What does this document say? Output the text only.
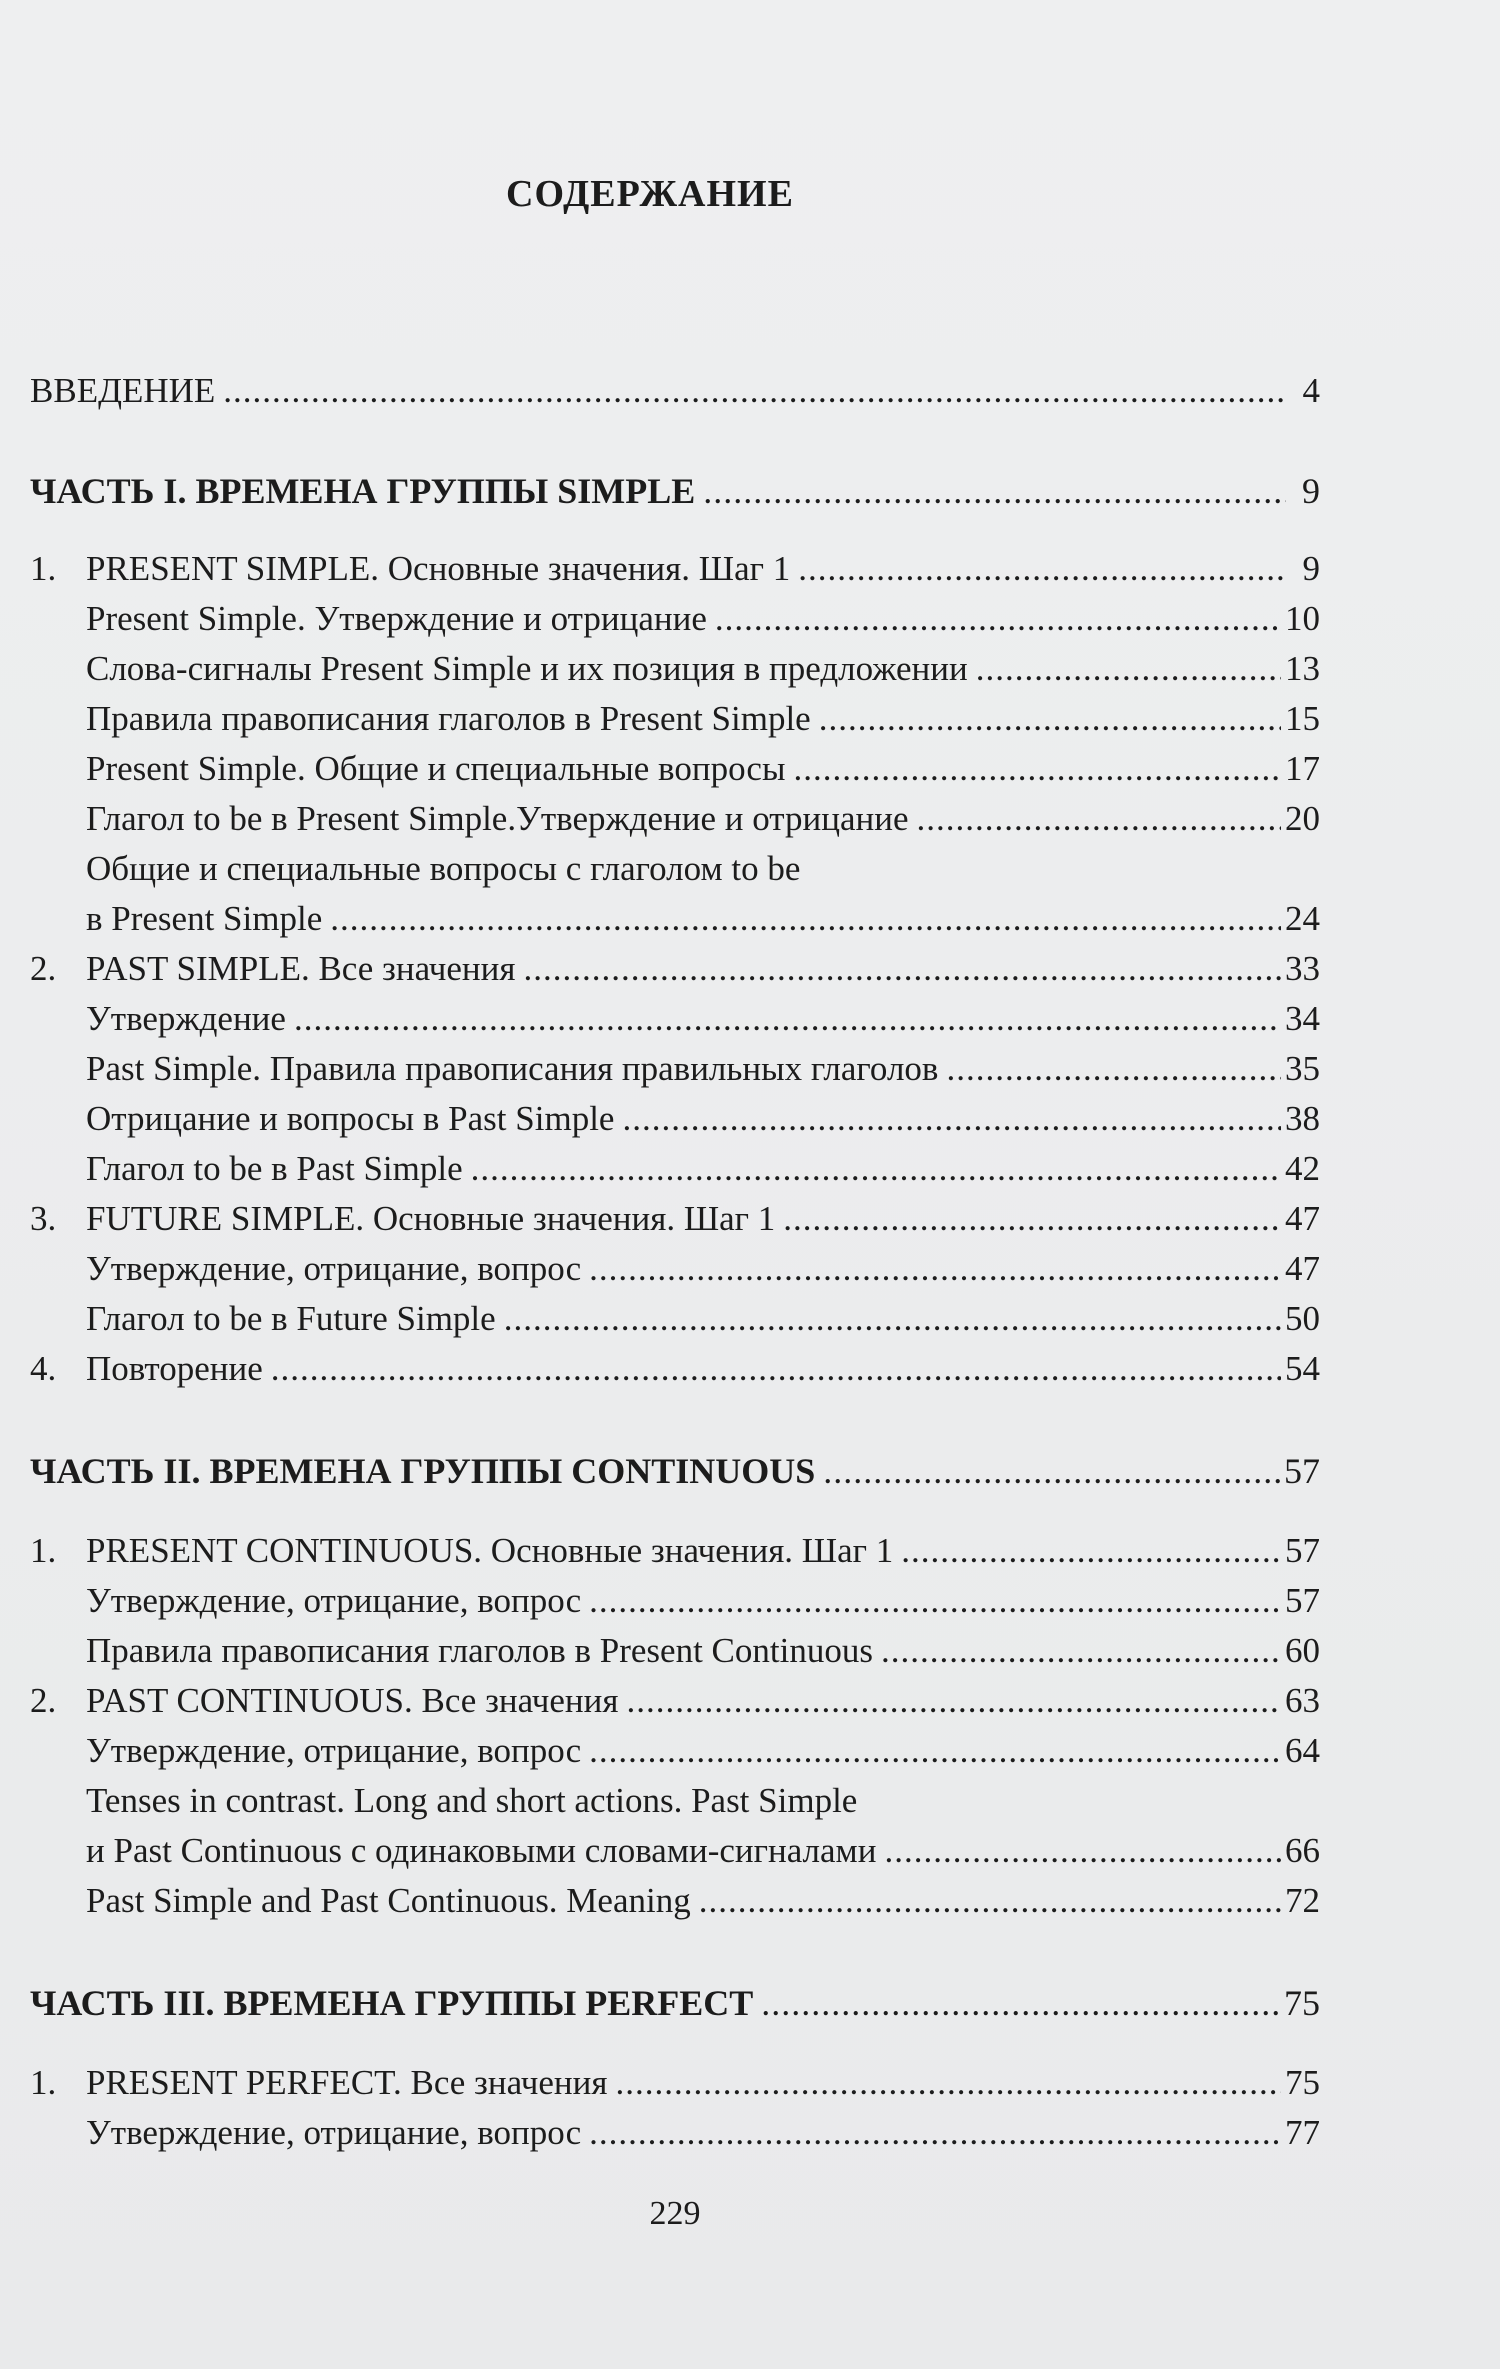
СОДЕРЖАНИЕ
ВВЕДЕНИЕ .....	4
ЧАСТЬ I. ВРЕМЕНА ГРУППЫ SIMPLE .....	9
1. PRESENT SIMPLE. Основные значения. Шаг 1 .....	9
Present Simple. Утверждение и отрицание .....	10
Слова-сигналы Present Simple и их позиция в предложении .....	13
Правила правописания глаголов в Present Simple .....	15
Present Simple. Общие и специальные вопросы .....	17
Глагол to be в Present Simple.Утверждение и отрицание .....	20
Общие и специальные вопросы с глаголом to be
в Present Simple .....	24
2. PAST SIMPLE. Все значения .....	33
Утверждение .....	34
Past Simple. Правила правописания правильных глаголов .....	35
Отрицание и вопросы в Past Simple .....	38
Глагол to be в Past Simple .....	42
3. FUTURE SIMPLE. Основные значения. Шаг 1 .....	47
Утверждение, отрицание, вопрос .....	47
Глагол to be в Future Simple .....	50
4. Повторение .....	54
ЧАСТЬ II. ВРЕМЕНА ГРУППЫ CONTINUOUS .....	57
1. PRESENT CONTINUOUS. Основные значения. Шаг 1 .....	57
Утверждение, отрицание, вопрос .....	57
Правила правописания глаголов в Present Continuous .....	60
2. PAST CONTINUOUS. Все значения .....	63
Утверждение, отрицание, вопрос .....	64
Tenses in contrast. Long and short actions. Past Simple
и Past Continuous с одинаковыми словами-сигналами .....	66
Past Simple and Past Continuous. Meaning .....	72
ЧАСТЬ III. ВРЕМЕНА ГРУППЫ PERFECT .....	75
1. PRESENT PERFECT. Все значения .....	75
Утверждение, отрицание, вопрос .....	77
229
